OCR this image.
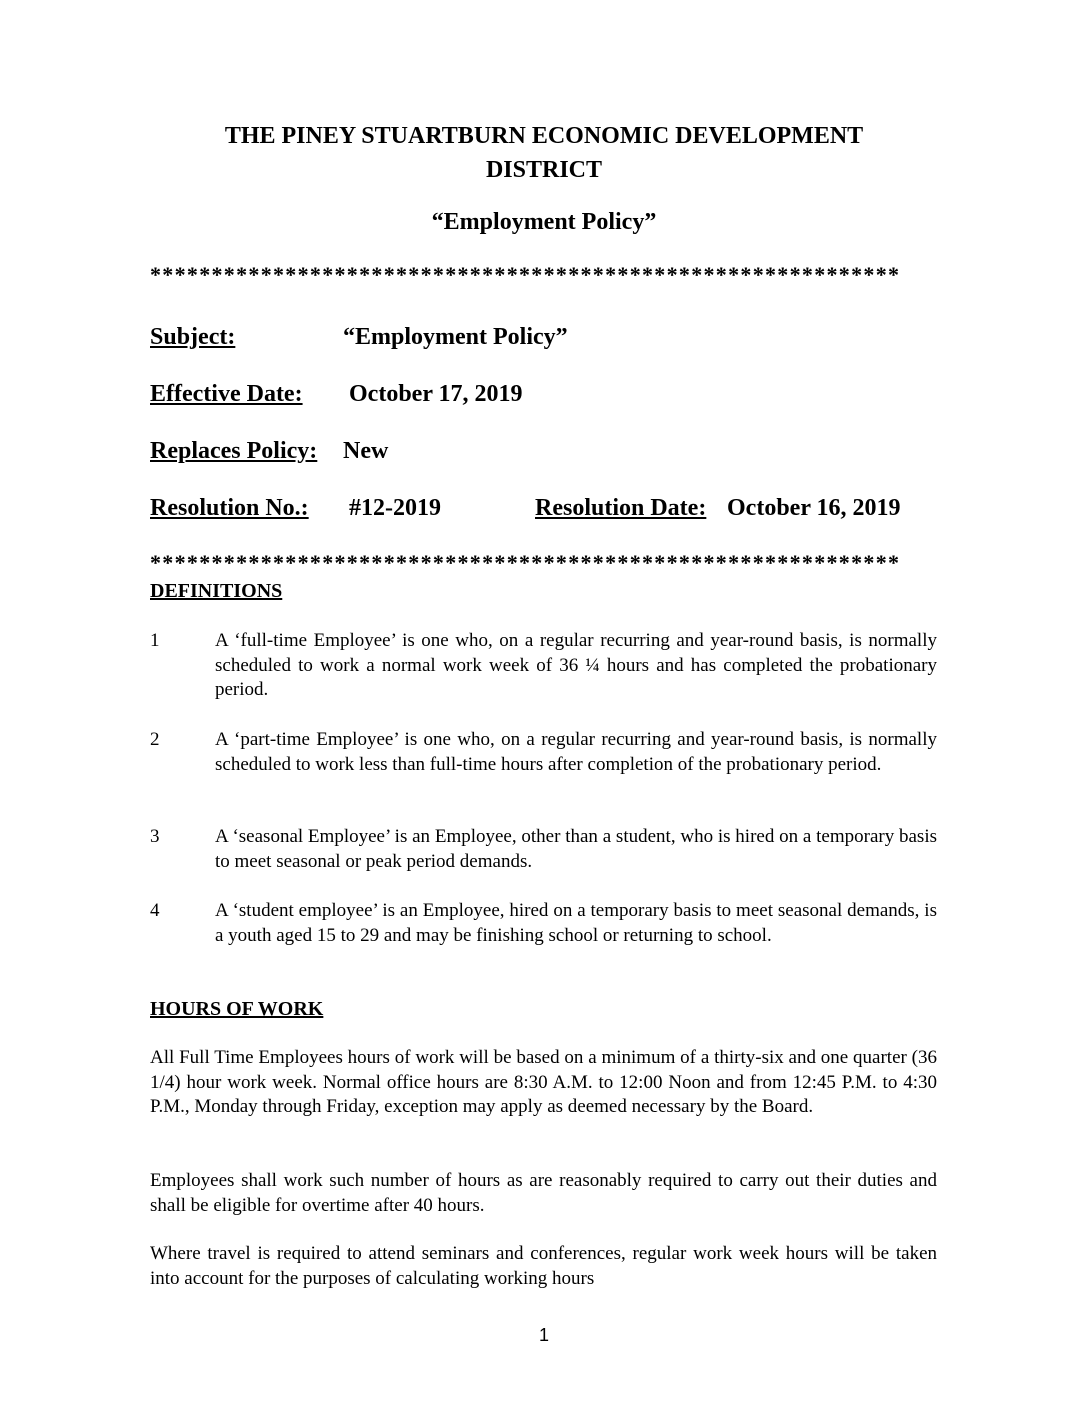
THE PINEY STUARTBURN ECONOMIC DEVELOPMENT
DISTRICT
“Employment Policy”
*************************************************************
Subject:	“Employment Policy”
Effective Date: October 17, 2019
Replaces Policy: New
Resolution No.: #12-2019	Resolution Date: October 16, 2019
*************************************************************
DEFINITIONS
1	A ‘full-time Employee’ is one who, on a regular recurring and year-round basis, is normally scheduled to work a normal work week of 36 ¼ hours and has completed the probationary period.
2	A ‘part-time Employee’ is one who, on a regular recurring and year-round basis, is normally scheduled to work less than full-time hours after completion of the probationary period.
3	A ‘seasonal Employee’ is an Employee, other than a student, who is hired on a temporary basis to meet seasonal or peak period demands.
4	A ‘student employee’ is an Employee, hired on a temporary basis to meet seasonal demands, is a youth aged 15 to 29 and may be finishing school or returning to school.
HOURS OF WORK
All Full Time Employees hours of work will be based on a minimum of a thirty-six and one quarter (36 1/4) hour work week. Normal office hours are 8:30 A.M. to 12:00 Noon and from 12:45 P.M. to 4:30 P.M., Monday through Friday, exception may apply as deemed necessary by the Board.
Employees shall work such number of hours as are reasonably required to carry out their duties and shall be eligible for overtime after 40 hours.
Where travel is required to attend seminars and conferences, regular work week hours will be taken into account for the purposes of calculating working hours
1
